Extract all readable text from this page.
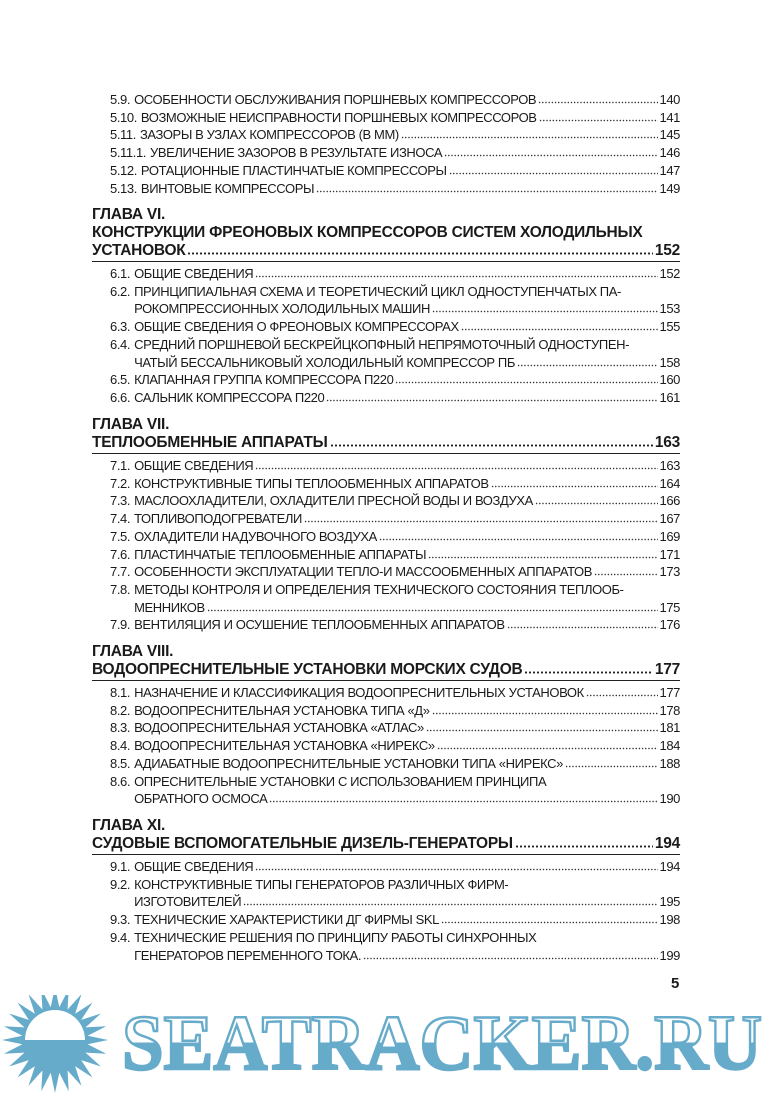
5.9. ОСОБЕННОСТИ ОБСЛУЖИВАНИЯ ПОРШНЕВЫХ КОМПРЕССОРОВ	140
5.10. ВОЗМОЖНЫЕ НЕИСПРАВНОСТИ ПОРШНЕВЫХ КОМПРЕССОРОВ	141
5.11. ЗАЗОРЫ В УЗЛАХ КОМПРЕССОРОВ (В ММ)	145
5.11.1. УВЕЛИЧЕНИЕ ЗАЗОРОВ В РЕЗУЛЬТАТЕ ИЗНОСА	146
5.12. РОТАЦИОННЫЕ ПЛАСТИНЧАТЫЕ КОМПРЕССОРЫ	147
5.13. ВИНТОВЫЕ КОМПРЕССОРЫ	149
ГЛАВА VI.
КОНСТРУКЦИИ ФРЕОНОВЫХ КОМПРЕССОРОВ СИСТЕМ ХОЛОДИЛЬНЫХ
УСТАНОВОК	152
6.1. ОБЩИЕ СВЕДЕНИЯ	152
6.2. ПРИНЦИПИАЛЬНАЯ СХЕМА И ТЕОРЕТИЧЕСКИЙ ЦИКЛ ОДНОСТУПЕНЧАТЫХ ПА-
РОКОМПРЕССИОННЫХ ХОЛОДИЛЬНЫХ МАШИН	153
6.3. ОБЩИЕ СВЕДЕНИЯ О ФРЕОНОВЫХ КОМПРЕССОРАХ	155
6.4. СРЕДНИЙ ПОРШНЕВОЙ БЕСКРЕЙЦКОПФНЫЙ НЕПРЯМОТОЧНЫЙ ОДНОСТУПЕН-
ЧАТЫЙ БЕССАЛЬНИКОВЫЙ ХОЛОДИЛЬНЫЙ КОМПРЕССОР ПБ	158
6.5. КЛАПАННАЯ ГРУППА КОМПРЕССОРА П220	160
6.6. САЛЬНИК КОМПРЕССОРА П220	161
ГЛАВА VII.
ТЕПЛООБМЕННЫЕ АППАРАТЫ	163
7.1. ОБЩИЕ СВЕДЕНИЯ	163
7.2. КОНСТРУКТИВНЫЕ ТИПЫ ТЕПЛООБМЕННЫХ АППАРАТОВ	164
7.3. МАСЛООХЛАДИТЕЛИ, ОХЛАДИТЕЛИ ПРЕСНОЙ ВОДЫ И ВОЗДУХА	166
7.4. ТОПЛИВОПОДОГРЕВАТЕЛИ	167
7.5. ОХЛАДИТЕЛИ НАДУВОЧНОГО ВОЗДУХА	169
7.6. ПЛАСТИНЧАТЫЕ ТЕПЛООБМЕННЫЕ АППАРАТЫ	171
7.7. ОСОБЕННОСТИ ЭКСПЛУАТАЦИИ ТЕПЛО-И МАССООБМЕННЫХ АППАРАТОВ	173
7.8. МЕТОДЫ КОНТРОЛЯ И ОПРЕДЕЛЕНИЯ ТЕХНИЧЕСКОГО СОСТОЯНИЯ ТЕПЛООБ-
МЕННИКОВ	175
7.9. ВЕНТИЛЯЦИЯ И ОСУШЕНИЕ ТЕПЛООБМЕННЫХ АППАРАТОВ	176
ГЛАВА VIII.
ВОДООПРЕСНИТЕЛЬНЫЕ УСТАНОВКИ МОРСКИХ СУДОВ	177
8.1. НАЗНАЧЕНИЕ И КЛАССИФИКАЦИЯ ВОДООПРЕСНИТЕЛЬНЫХ УСТАНОВОК	177
8.2. ВОДООПРЕСНИТЕЛЬНАЯ УСТАНОВКА ТИПА «Д»	178
8.3. ВОДООПРЕСНИТЕЛЬНАЯ УСТАНОВКА «АТЛАС»	181
8.4. ВОДООПРЕСНИТЕЛЬНАЯ УСТАНОВКА «НИРЕКС»	184
8.5. АДИАБАТНЫЕ ВОДООПРЕСНИТЕЛЬНЫЕ УСТАНОВКИ ТИПА «НИРЕКС»	188
8.6. ОПРЕСНИТЕЛЬНЫЕ УСТАНОВКИ С ИСПОЛЬЗОВАНИЕМ ПРИНЦИПА
ОБРАТНОГО ОСМОСА	190
ГЛАВА XI.
СУДОВЫЕ ВСПОМОГАТЕЛЬНЫЕ ДИЗЕЛЬ-ГЕНЕРАТОРЫ	194
9.1. ОБЩИЕ СВЕДЕНИЯ	194
9.2. КОНСТРУКТИВНЫЕ ТИПЫ ГЕНЕРАТОРОВ РАЗЛИЧНЫХ ФИРМ-
ИЗГОТОВИТЕЛЕЙ	195
9.3. ТЕХНИЧЕСКИЕ ХАРАКТЕРИСТИКИ ДГ ФИРМЫ SKL	198
9.4. ТЕХНИЧЕСКИЕ РЕШЕНИЯ ПО ПРИНЦИПУ РАБОТЫ СИНХРОННЫХ
ГЕНЕРАТОРОВ ПЕРЕМЕННОГО ТОКА.	199
5
SEATRACKER.RU
